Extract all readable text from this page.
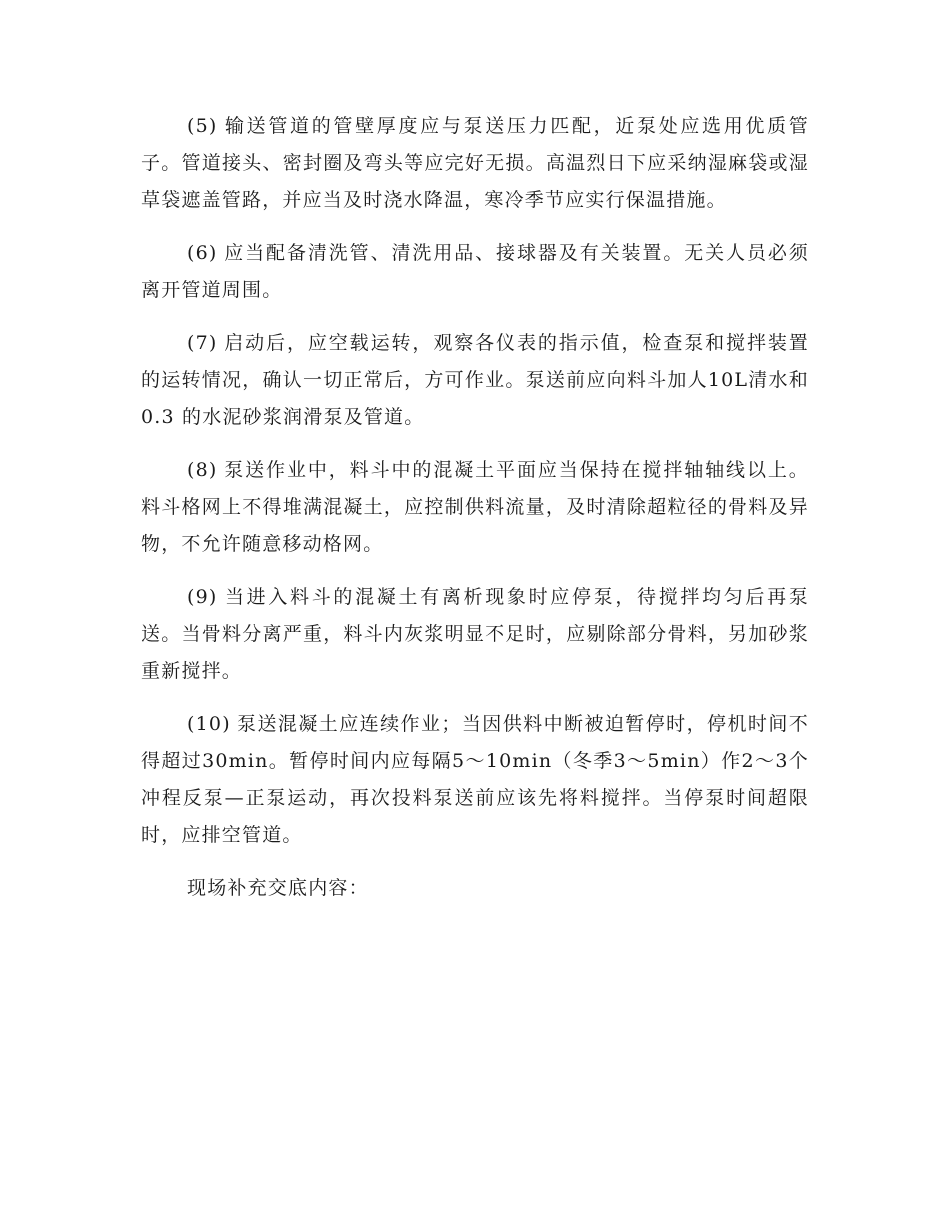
(5) 输送管道的管壁厚度应与泵送压力匹配，近泵处应选用优质管子。管道接头、密封圈及弯头等应完好无损。高温烈日下应采纳湿麻袋或湿草袋遮盖管路，并应当及时浇水降温，寒冷季节应实行保温措施。

(6) 应当配备清洗管、清洗用品、接球器及有关装置。无关人员必须离开管道周围。

(7) 启动后，应空载运转，观察各仪表的指示值，检查泵和搅拌装置的运转情况，确认一切正常后，方可作业。泵送前应向料斗加人10L清水和0.3 的水泥砂浆润滑泵及管道。

(8) 泵送作业中，料斗中的混凝土平面应当保持在搅拌轴轴线以上。料斗格网上不得堆满混凝土，应控制供料流量，及时清除超粒径的骨料及异物，不允许随意移动格网。

(9) 当进入料斗的混凝土有离析现象时应停泵，待搅拌均匀后再泵送。当骨料分离严重，料斗内灰浆明显不足时，应剔除部分骨料，另加砂浆重新搅拌。

(10) 泵送混凝土应连续作业；当因供料中断被迫暂停时，停机时间不得超过30min。暂停时间内应每隔5～10min（冬季3～5min）作2～3个冲程反泵—正泵运动，再次投料泵送前应该先将料搅拌。当停泵时间超限时，应排空管道。

现场补充交底内容：
